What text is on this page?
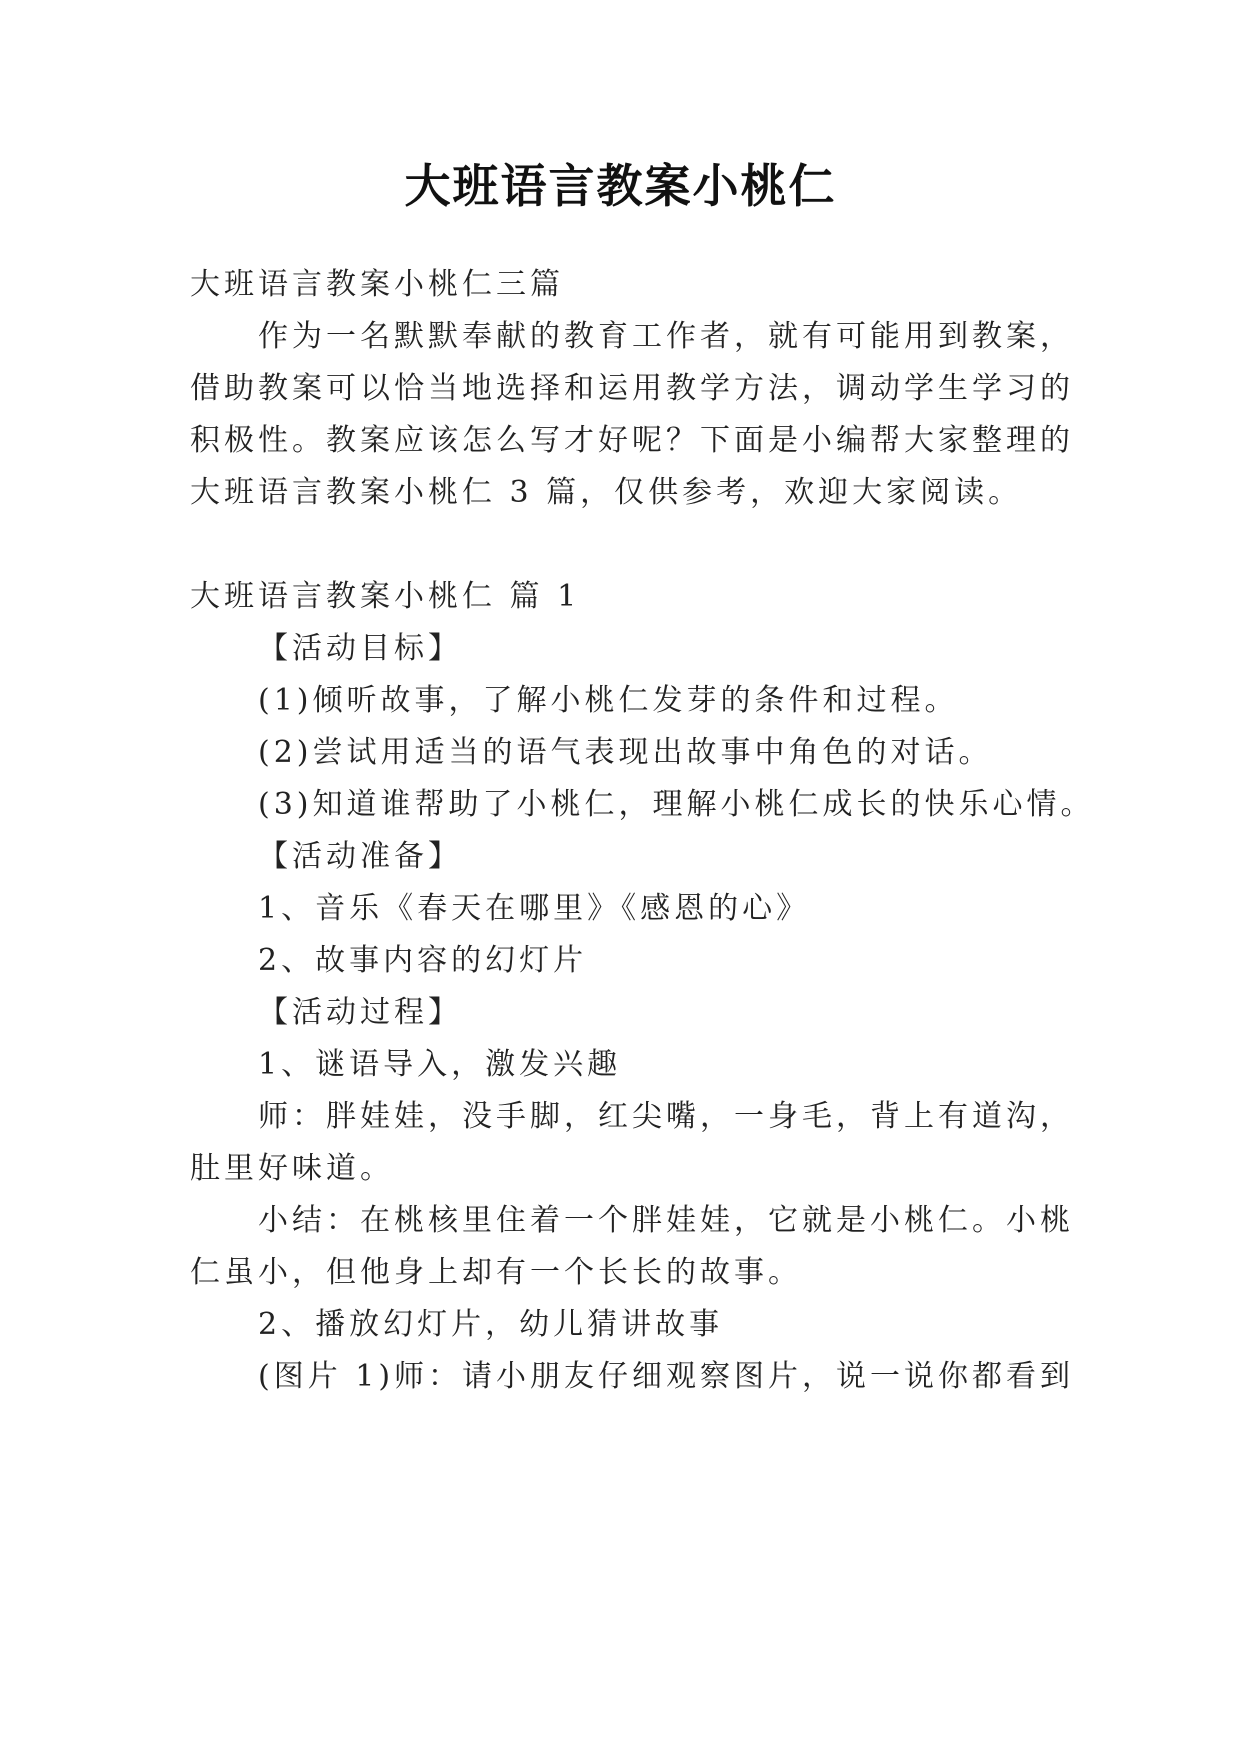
大班语言教案小桃仁
大班语言教案小桃仁三篇
作为一名默默奉献的教育工作者，就有可能用到教案，
借助教案可以恰当地选择和运用教学方法，调动学生学习的
积极性。教案应该怎么写才好呢？下面是小编帮大家整理的
大班语言教案小桃仁 3 篇，仅供参考，欢迎大家阅读。
大班语言教案小桃仁 篇 1
【活动目标】
(1)倾听故事，了解小桃仁发芽的条件和过程。
(2)尝试用适当的语气表现出故事中角色的对话。
(3)知道谁帮助了小桃仁，理解小桃仁成长的快乐心情。
【活动准备】
1、音乐《春天在哪里》《感恩的心》
2、故事内容的幻灯片
【活动过程】
1、谜语导入，激发兴趣
师：胖娃娃，没手脚，红尖嘴，一身毛，背上有道沟，
肚里好味道。
小结：在桃核里住着一个胖娃娃，它就是小桃仁。小桃
仁虽小，但他身上却有一个长长的故事。
2、播放幻灯片，幼儿猜讲故事
(图片 1)师：请小朋友仔细观察图片，说一说你都看到
